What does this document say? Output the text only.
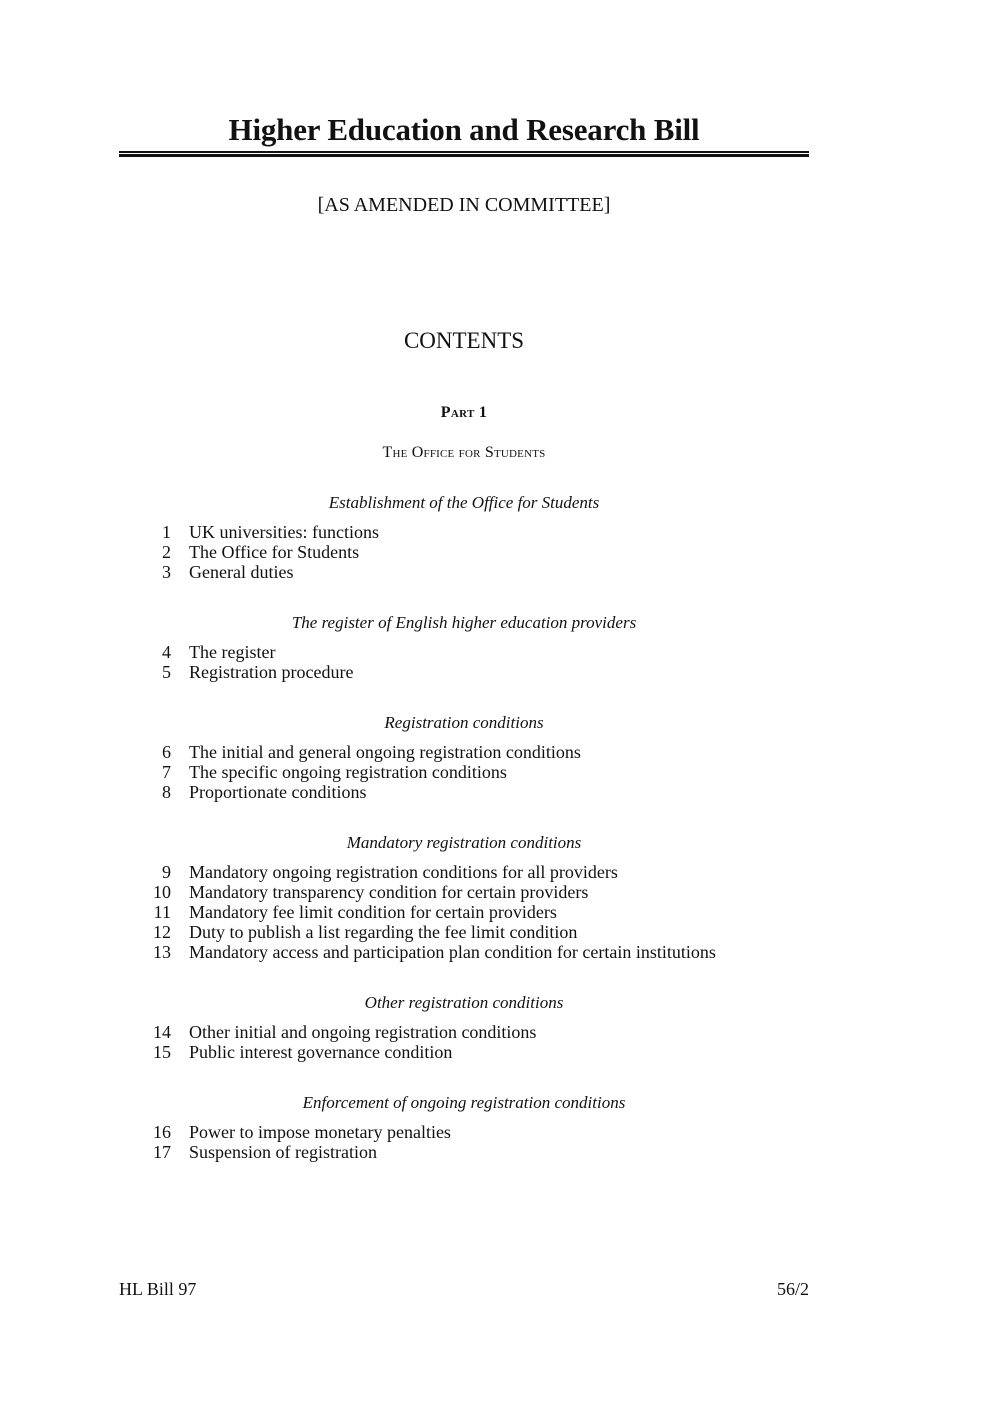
Higher Education and Research Bill
[AS AMENDED IN COMMITTEE]
CONTENTS
Part 1
The Office for Students
Establishment of the Office for Students
1 UK universities: functions
2 The Office for Students
3 General duties
The register of English higher education providers
4 The register
5 Registration procedure
Registration conditions
6 The initial and general ongoing registration conditions
7 The specific ongoing registration conditions
8 Proportionate conditions
Mandatory registration conditions
9 Mandatory ongoing registration conditions for all providers
10 Mandatory transparency condition for certain providers
11 Mandatory fee limit condition for certain providers
12 Duty to publish a list regarding the fee limit condition
13 Mandatory access and participation plan condition for certain institutions
Other registration conditions
14 Other initial and ongoing registration conditions
15 Public interest governance condition
Enforcement of ongoing registration conditions
16 Power to impose monetary penalties
17 Suspension of registration
HL Bill 97	56/2
